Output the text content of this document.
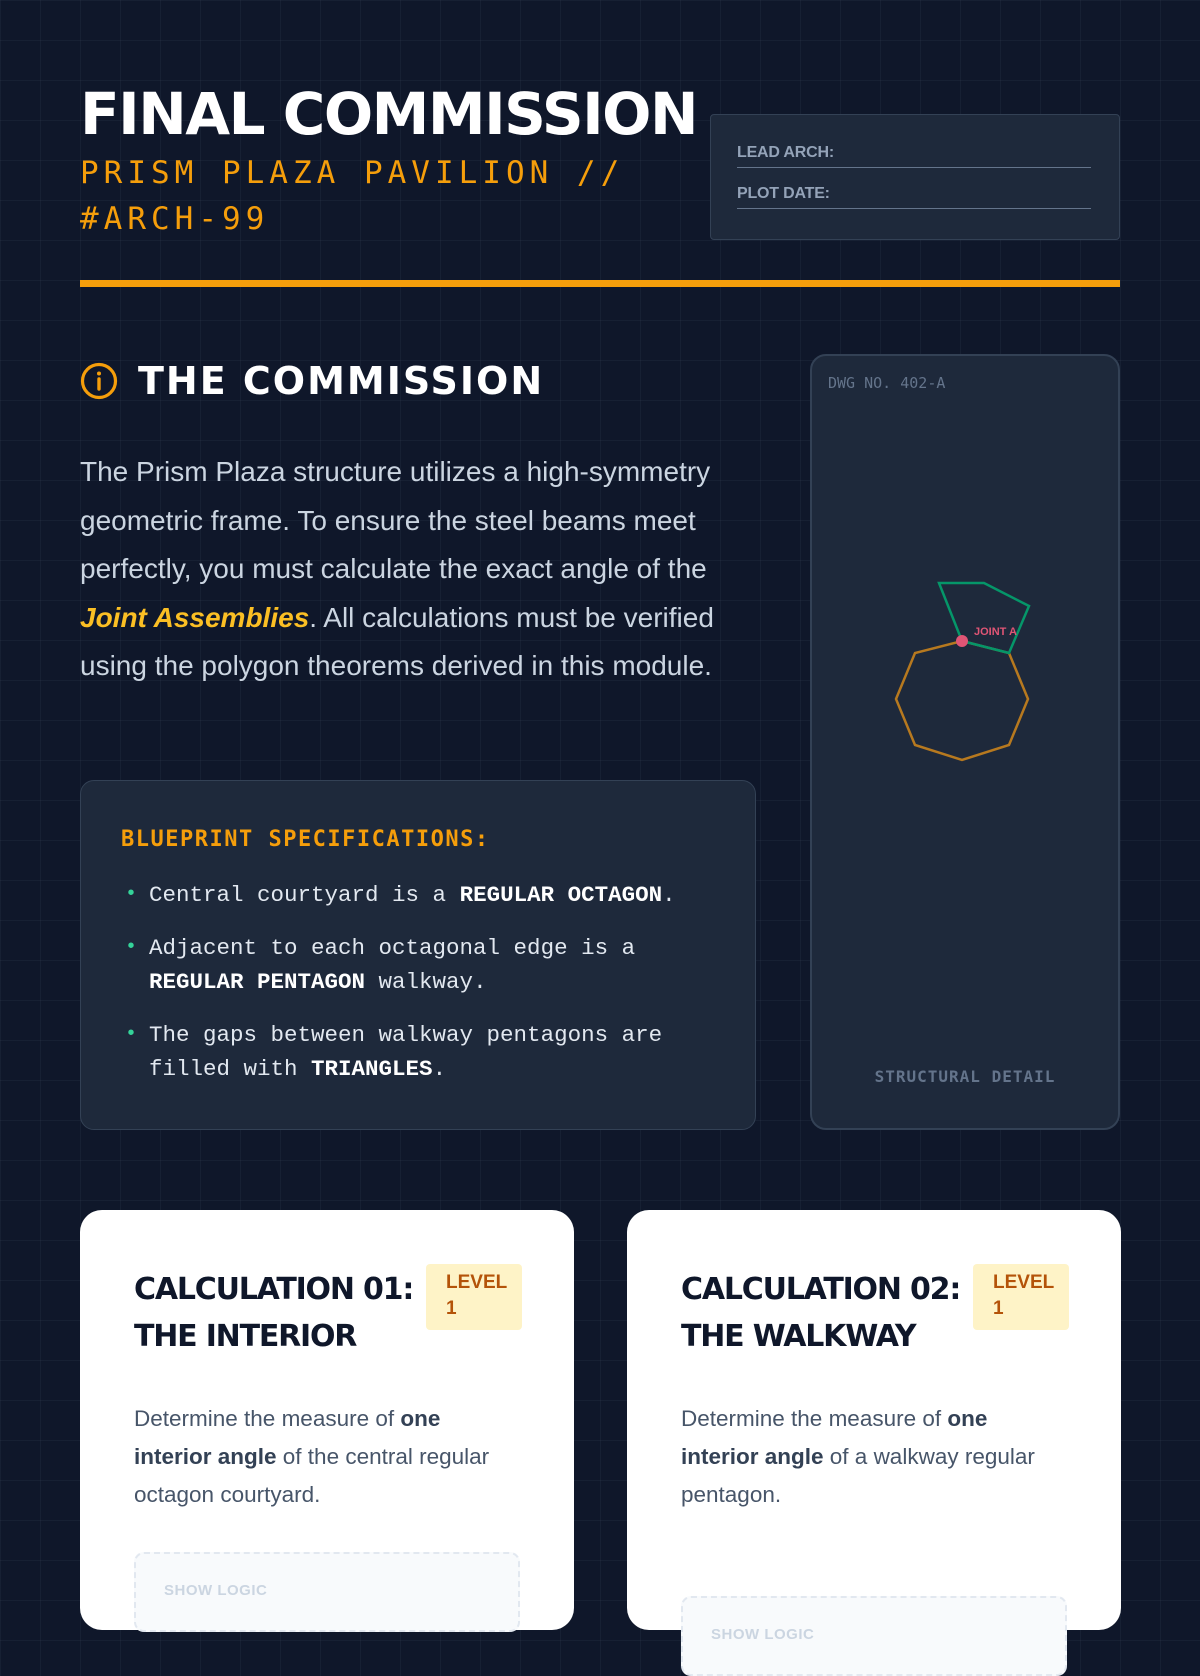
FINAL COMMISSION
PRISM PLAZA PAVILION // #ARCH-99
LEAD ARCH:
PLOT DATE:
THE COMMISSION

The Prism Plaza structure utilizes a high-symmetry geometric frame. To ensure the steel beams meet perfectly, you must calculate the exact angle of the Joint Assemblies. All calculations must be verified using the polygon theorems derived in this module.

BLUEPRINT SPECIFICATIONS:
• Central courtyard is a REGULAR OCTAGON.
• Adjacent to each octagonal edge is a REGULAR PENTAGON walkway.
• The gaps between walkway pentagons are filled with TRIANGLES.
DWG NO. 402-A
JOINT A
STRUCTURAL DETAIL
CALCULATION 01: THE INTERIOR
LEVEL 1

Determine the measure of one interior angle of the central regular octagon courtyard.

SHOW LOGIC
CALCULATION 02: THE WALKWAY
LEVEL 1

Determine the measure of one interior angle of a walkway regular pentagon.

SHOW LOGIC
